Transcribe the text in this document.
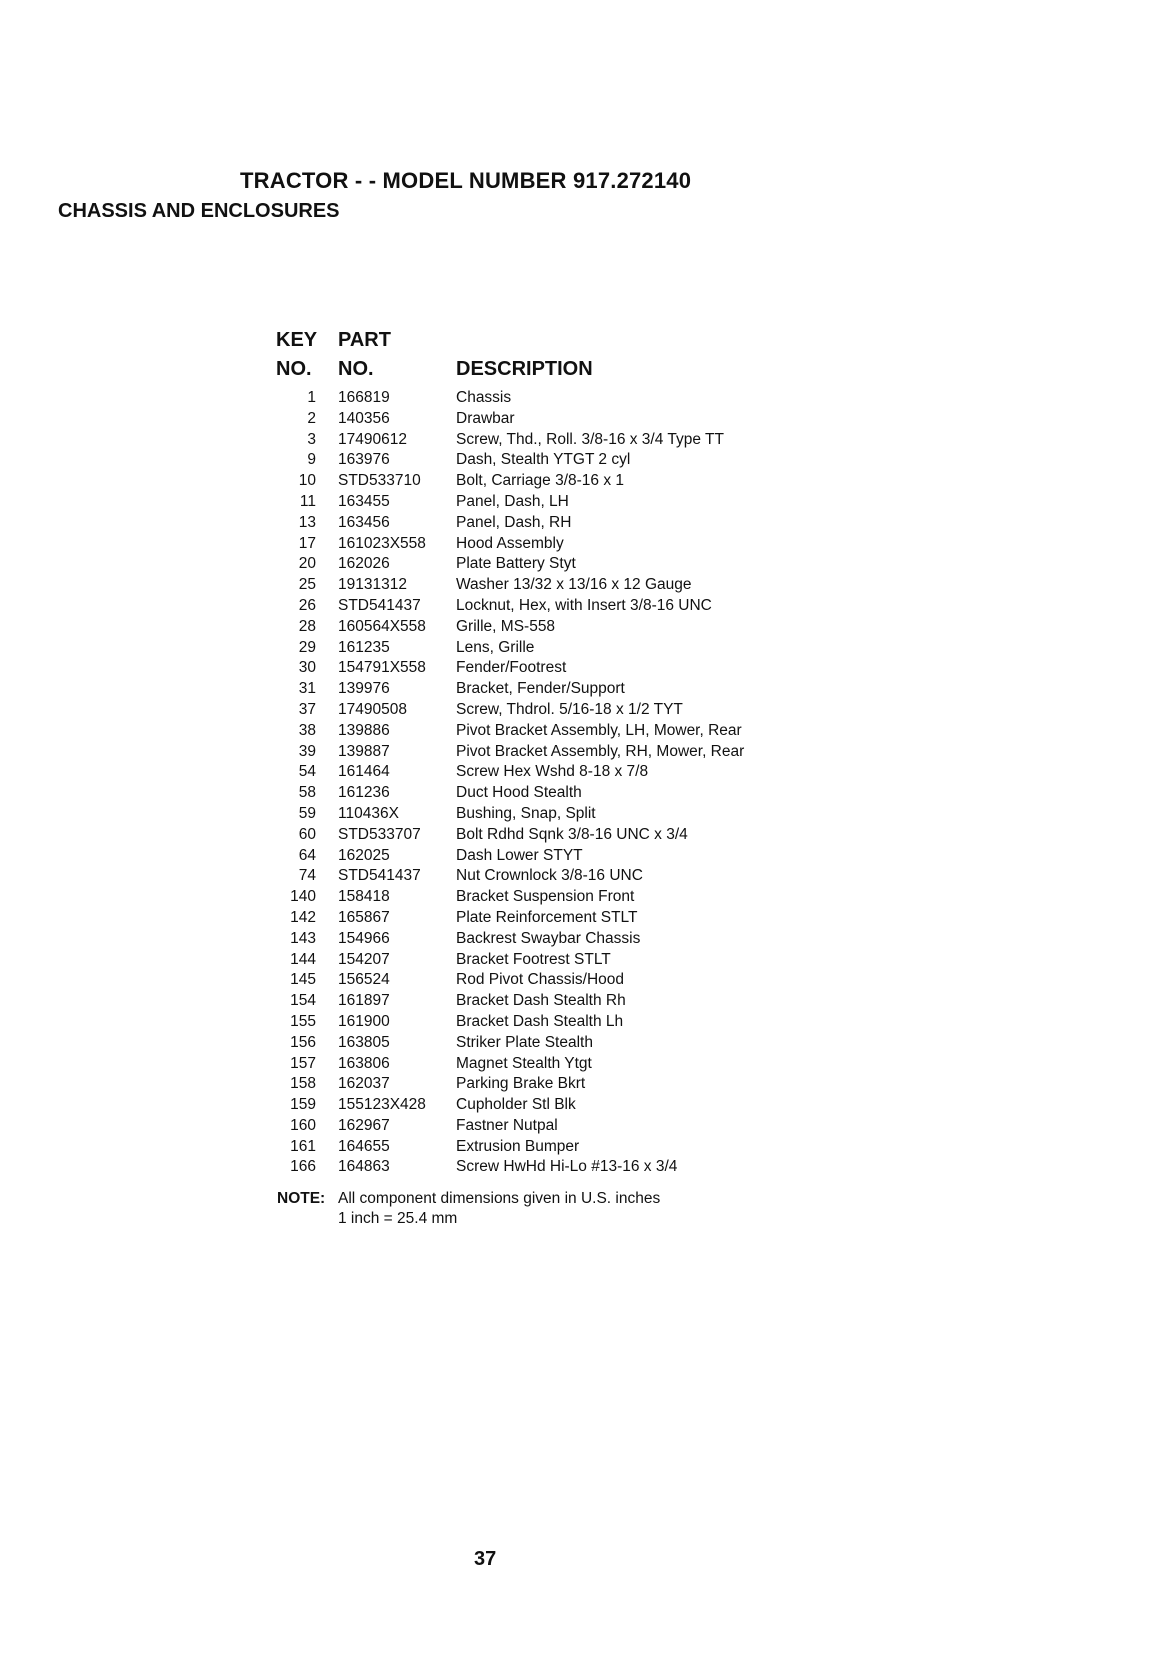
TRACTOR - - MODEL NUMBER 917.272140
CHASSIS AND ENCLOSURES
KEY
NO.
PART
NO.	DESCRIPTION
1 166819	Chassis
2 140356	Drawbar
3 17490612	Screw, Thd., Roll. 3/8-16 x 3/4 Type TT
9 163976	Dash, Stealth YTGT 2 cyl
10 STD533710 Bolt, Carriage 3/8-16 x 1
11 163455	Panel, Dash, LH
13 163456	Panel, Dash, RH
17 161023X558 Hood Assembly
20 162026	Plate Battery Styt
25 19131312	Washer 13/32 x 13/16 x 12 Gauge
26 STD541437 Locknut, Hex, with Insert 3/8-16 UNC
28 160564X558 Grille, MS-558
29 161235	Lens, Grille
30 154791X558 Fender/Footrest
31 139976	Bracket, Fender/Support
37 17490508	Screw, Thdrol. 5/16-18 x 1/2 TYT
38 139886	Pivot Bracket Assembly, LH, Mower, Rear
39 139887	Pivot Bracket Assembly, RH, Mower, Rear
54 161464	Screw Hex Wshd 8-18 x 7/8
58 161236	Duct Hood Stealth
59 110436X	Bushing, Snap, Split
60 STD533707 Bolt Rdhd Sqnk 3/8-16 UNC x 3/4
64 162025	Dash Lower STYT
74 STD541437 Nut Crownlock 3/8-16 UNC
140 158418	Bracket Suspension Front
142 165867	Plate Reinforcement STLT
143 154966	Backrest Swaybar Chassis
144 154207	Bracket Footrest STLT
145 156524	Rod Pivot Chassis/Hood
154 161897	Bracket Dash Stealth Rh
155 161900	Bracket Dash Stealth Lh
156 163805	Striker Plate Stealth
157 163806	Magnet Stealth Ytgt
158 162037	Parking Brake Bkrt
159 155123X428 Cupholder Stl Blk
160 162967	Fastner Nutpal
161 164655	Extrusion Bumper
166 164863	Screw HwHd Hi-Lo #13-16 x 3/4
NOTE: All component dimensions given in U.S. inches
1 inch = 25.4 mm
37
